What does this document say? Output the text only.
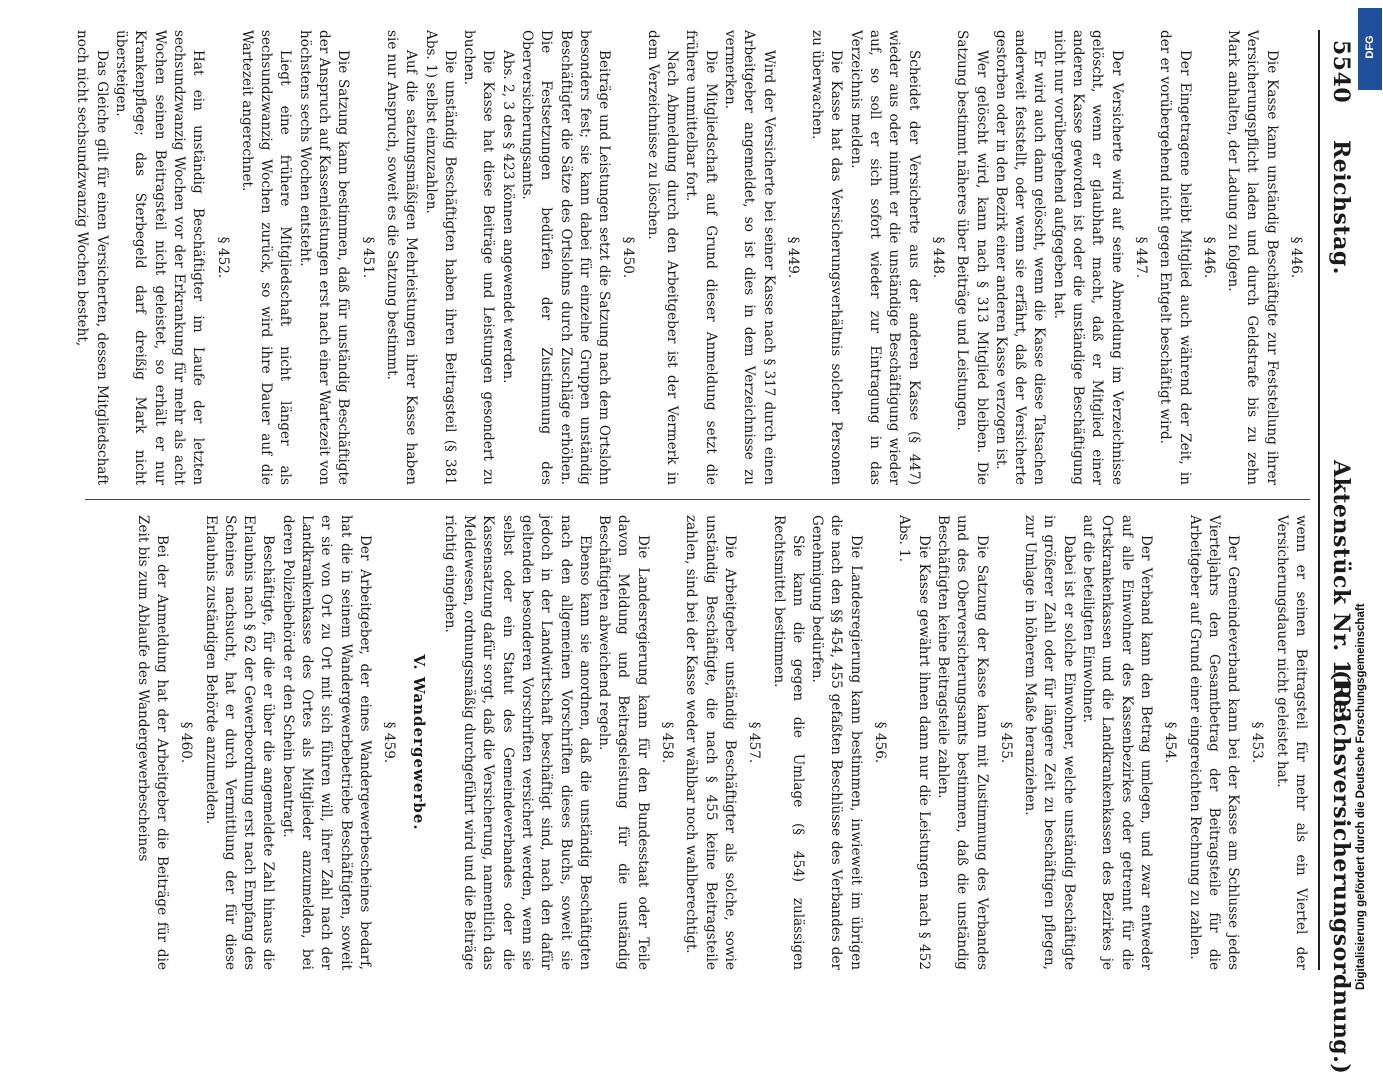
5540
Reichstag.
Aktenstück Nr. 1103.
(Reichsversicherungsordnung.)
§ 446.

Die Kasse kann unständig Beschäftigte zur Feststellung ihrer Versicherungspflicht laden und durch Geldstrafe bis zu zehn Mark anhalten, der Ladung zu folgen.

§ 446.

Der Eingetragene bleibt Mitglied auch während der Zeit, in der er vorübergehend nicht gegen Entgelt beschäftigt wird.

§ 447.

Der Versicherte wird auf seine Abmeldung im Verzeichnisse gelöscht, wenn er glaubhaft macht, daß er Mitglied einer anderen Kasse geworden ist oder die unständige Beschäftigung nicht nur vorübergehend aufgegeben hat.

Er wird auch dann gelöscht, wenn die Kasse diese Tatsachen anderweit feststellt, oder wenn sie erfährt, daß der Versicherte gestorben oder in den Bezirk einer anderen Kasse verzogen ist.

Wer gelöscht wird, kann nach § 313 Mitglied bleiben. Die Satzung bestimmt näheres über Beiträge und Leistungen.

§ 448.

Scheidet der Versicherte aus der anderen Kasse (§ 447) wieder aus oder nimmt er die unständige Beschäftigung wieder auf, so soll er sich sofort wieder zur Eintragung in das Verzeichnis melden.

Die Kasse hat das Versicherungsverhältnis solcher Personen zu überwachen.

§ 449.

Wird der Versicherte bei seiner Kasse nach § 317 durch einen Arbeitgeber angemeldet, so ist dies in dem Verzeichnisse zu vermerken.

Die Mitgliedschaft auf Grund dieser Anmeldung setzt die frühere unmittelbar fort.

Nach Abmeldung durch den Arbeitgeber ist der Vermerk in dem Verzeichnisse zu löschen.

§ 450.

Beiträge und Leistungen setzt die Satzung nach dem Ortslohn besonders fest; sie kann dabei für einzelne Gruppen unständig Beschäftigter die Sätze des Ortslohns durch Zuschläge erhöhen. Die Festsetzungen bedürfen der Zustimmung des Oberversicherungsamts.

Abs. 2, 3 des § 423 können angewendet werden.

Die Kasse hat diese Beiträge und Leistungen gesondert zu buchen.

Die unständig Beschäftigten haben ihren Beitragsteil (§ 381 Abs. 1) selbst einzuzahlen.

Auf die satzungsmäßigen Mehrleistungen ihrer Kasse haben sie nur Anspruch, soweit es die Satzung bestimmt.

§ 451.

Die Satzung kann bestimmen, daß für unständig Beschäftigte der Anspruch auf Kassenleistungen erst nach einer Wartezeit von höchstens sechs Wochen entsteht.

Liegt eine frühere Mitgliedschaft nicht länger als sechsundzwanzig Wochen zurück, so wird ihre Dauer auf die Wartezeit angerechnet.

§ 452.

Hat ein unständig Beschäftigter im Laufe der letzten sechsundzwanzig Wochen vor der Erkrankung für mehr als acht Wochen seinen Beitragsteil nicht geleistet, so erhält er nur Krankenpflege; das Sterbegeld darf dreißig Mark nicht übersteigen.

Das Gleiche gilt für einen Versicherten, dessen Mitgliedschaft noch nicht sechsundzwanzig Wochen besteht,

wenn er seinen Beitragsteil für mehr als ein Viertel der Versicherungsdauer nicht geleistet hat.

§ 453.

Der Gemeindeverband kann bei der Kasse am Schlusse jedes Vierteljahrs den Gesamtbetrag der Beitragsteile für die Arbeitgeber auf Grund einer eingereichten Rechnung zu zahlen.

§ 454.

Der Verband kann den Betrag umlegen, und zwar entweder auf alle Einwohner des Kassenbezirkes oder getrennt für die Ortskrankenkassen und die Landkrankenkassen des Bezirkes je auf die beteiligten Einwohner.

Dabei ist er solche Einwohner, welche unständig Beschäftigte in größerer Zahl oder für längere Zeit zu beschäftigen pflegen, zur Umlage in höherem Maße heranziehen.

§ 455.

Die Satzung der Kasse kann mit Zustimmung des Verbandes und des Oberversicherungsamts bestimmen, daß die unständig Beschäftigten keine Beitragsteile zahlen.

Die Kasse gewährt ihnen dann nur die Leistungen nach § 452 Abs. 1.

§ 456.

Die Landesregierung kann bestimmen, inwieweit im übrigen die nach den §§ 454, 455 gefaßten Beschlüsse des Verbandes der Genehmigung bedürfen.

Sie kann die gegen die Umlage (§ 454) zulässigen Rechtsmittel bestimmen.

§ 457.

Die Arbeitgeber unständig Beschäftigter als solche, sowie unständig Beschäftigte, die nach § 455 keine Beitragsteile zahlen, sind bei der Kasse weder wählbar noch wahlberechtigt.

§ 458.

Die Landesregierung kann für den Bundesstaat oder Teile davon Meldung und Beitragsleistung für die unständig Beschäftigten abweichend regeln.

Ebenso kann sie anordnen, daß die unständig Beschäftigten nach den allgemeinen Vorschriften dieses Buchs, soweit sie jedoch in der Landwirtschaft beschäftigt sind, nach den dafür geltenden besonderen Vorschriften versichert werden, wenn sie selbst oder ein Statut des Gemeindeverbandes oder die Kassensatzung dafür sorgt, daß die Versicherung, namentlich das Meldewesen, ordnungsmäßig durchgeführt wird und die Beiträge richtig eingehen.

V. Wandergewerbe.
§ 459.

Der Arbeitgeber, der eines Wandergewerbescheines bedarf, hat die in seinem Wandergewerbebetriebe Beschäftigten, soweit er sie von Ort zu Ort mit sich führen will, ihrer Zahl nach der Landkrankenkasse des Ortes als Mitglieder anzumelden, bei deren Polizeibehörde er den Schein beantragt.

Beschäftigte, für die er über die angemeldete Zahl hinaus die Erlaubnis nach § 62 der Gewerbeordnung erst nach Empfang des Scheines nachsucht, hat er durch Vermittlung der für diese Erlaubnis zuständigen Behörde anzumelden.

§ 460.

Bei der Anmeldung hat der Arbeitgeber die Beiträge für die Zeit bis zum Ablaufe des Wandergewerbescheines	Digitalisierung gefördert durch die Deutsche Forschungsgemeinschaft
DFG
